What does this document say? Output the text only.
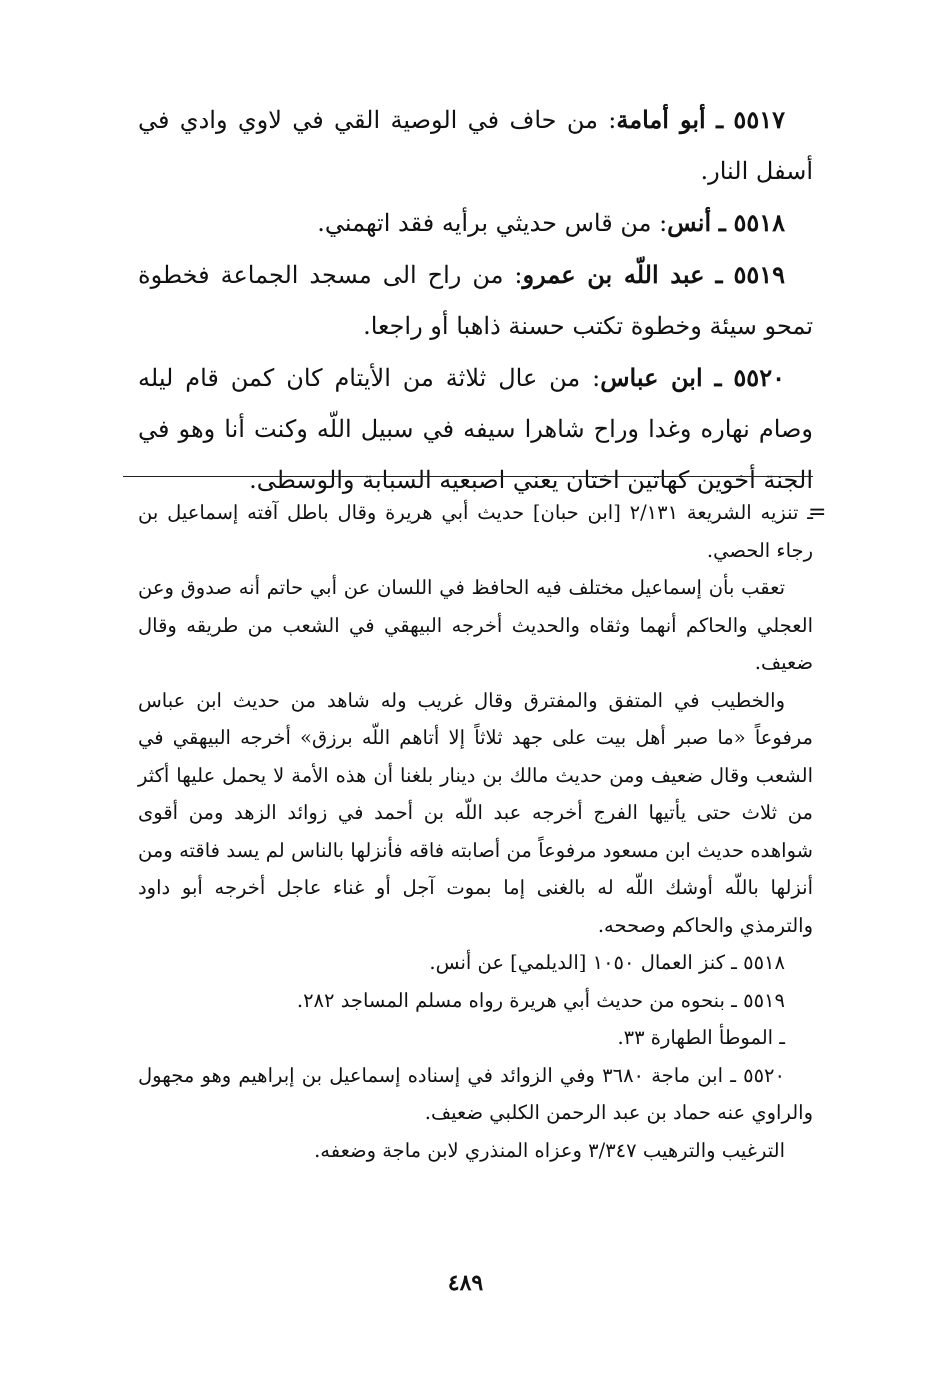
٥٥١٧ ـ أبو أمامة: من حاف في الوصية القي في لاوي وادي في أسفل النار.

٥٥١٨ ـ أنس: من قاس حديثي برأيه فقد اتهمني.

٥٥١٩ ـ عبد اللّه بن عمرو: من راح الى مسجد الجماعة فخطوة تمحو سيئة وخطوة تكتب حسنة ذاهبا أو راجعا.

٥٥٢٠ ـ ابن عباس: من عال ثلاثة من الأيتام كان كمن قام ليله وصام نهاره وغدا وراح شاهرا سيفه في سبيل اللّه وكنت أنا وهو في الجنة أخوين كهاتين اختان يعني اصبعيه السبابة والوسطى.

=

ـ تنزيه الشريعة ٢/١٣١ [ابن حبان] حديث أبي هريرة وقال باطل آفته إسماعيل بن رجاء الحصي.

تعقب بأن إسماعيل مختلف فيه الحافظ في اللسان عن أبي حاتم أنه صدوق وعن العجلي والحاكم أنهما وثقاه والحديث أخرجه البيهقي في الشعب من طريقه وقال ضعيف.

والخطيب في المتفق والمفترق وقال غريب وله شاهد من حديث ابن عباس مرفوعاً «ما صبر أهل بيت على جهد ثلاثاً إلا أتاهم اللّه برزق» أخرجه البيهقي في الشعب وقال ضعيف ومن حديث مالك بن دينار بلغنا أن هذه الأمة لا يحمل عليها أكثر من ثلاث حتى يأتيها الفرج أخرجه عبد اللّه بن أحمد في زوائد الزهد ومن أقوى شواهده حديث ابن مسعود مرفوعاً من أصابته فاقه فأنزلها بالناس لم يسد فاقته ومن أنزلها باللّه أوشك اللّه له بالغنى إما بموت آجل أو غناء عاجل أخرجه أبو داود والترمذي والحاكم وصححه.

٥٥١٨ ـ كنز العمال ١٠٥٠ [الديلمي] عن أنس.

٥٥١٩ ـ بنحوه من حديث أبي هريرة رواه مسلم المساجد ٢٨٢.

ـ الموطأ الطهارة ٣٣.

٥٥٢٠ ـ ابن ماجة ٣٦٨٠ وفي الزوائد في إسناده إسماعيل بن إبراهيم وهو مجهول والراوي عنه حماد بن عبد الرحمن الكلبي ضعيف.

الترغيب والترهيب ٣/٣٤٧ وعزاه المنذري لابن ماجة وضعفه.

٤٨٩
